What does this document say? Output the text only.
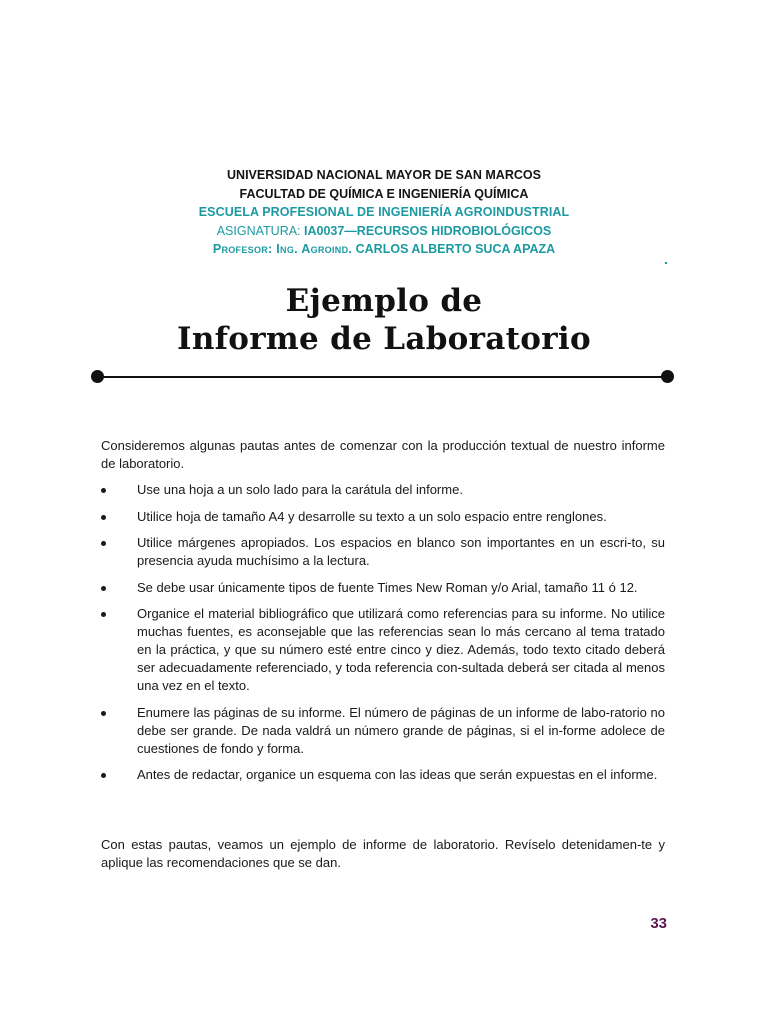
UNIVERSIDAD NACIONAL MAYOR DE SAN MARCOS
FACULTAD DE QUÍMICA E INGENIERÍA QUÍMICA
ESCUELA PROFESIONAL DE INGENIERÍA AGROINDUSTRIAL
ASIGNATURA: IA0037—RECURSOS HIDROBIOLÓGICOS
Profesor: Ing. Agroind. CARLOS ALBERTO SUCA APAZA
Ejemplo de
Informe de Laboratorio

Consideremos algunas pautas antes de comenzar con la producción textual de nuestro informe de laboratorio.

Use una hoja a un solo lado para la carátula del informe.
Utilice hoja de tamaño A4 y desarrolle su texto a un solo espacio entre renglones.
Utilice márgenes apropiados. Los espacios en blanco son importantes en un escri-to, su presencia ayuda muchísimo a la lectura.
Se debe usar únicamente tipos de fuente Times New Roman y/o Arial, tamaño 11 ó 12.
Organice el material bibliográfico que utilizará como referencias para su informe. No utilice muchas fuentes, es aconsejable que las referencias sean lo más cercano al tema tratado en la práctica, y que su número esté entre cinco y diez. Además, todo texto citado deberá ser adecuadamente referenciado, y toda referencia con-sultada deberá ser citada al menos una vez en el texto.
Enumere las páginas de su informe. El número de páginas de un informe de labo-ratorio no debe ser grande. De nada valdrá un número grande de páginas, si el in-forme adolece de cuestiones de fondo y forma.
Antes de redactar, organice un esquema con las ideas que serán expuestas en el informe.

Con estas pautas, veamos un ejemplo de informe de laboratorio. Revíselo detenidamen-te y aplique las recomendaciones que se dan.

33
